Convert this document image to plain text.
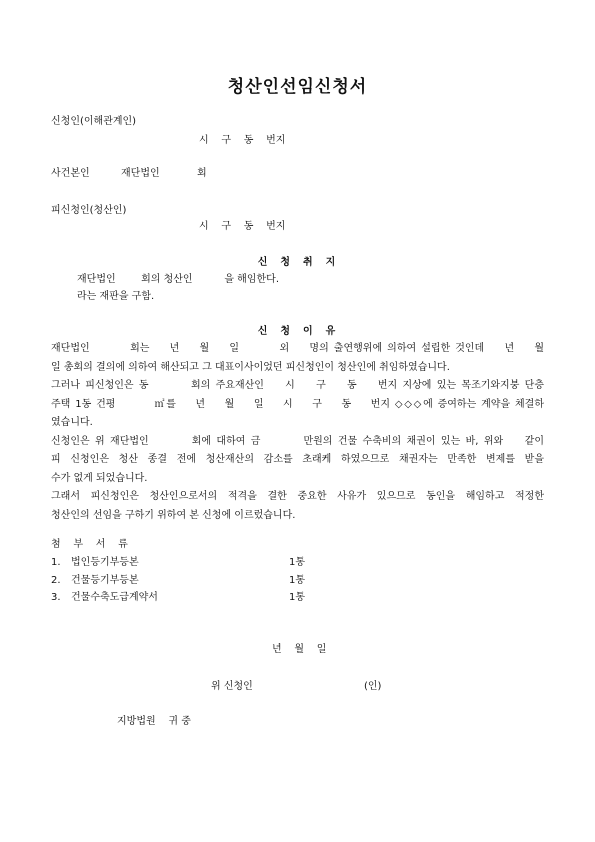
청산인선임신청서
신청인(이해관계인)
시    구    동    번지
사건본인	재단법인	회
피신청인(청산인)
시    구    동    번지
신  청  취  지
재단법인        회의 청산인          을 해임한다.
라는 재판을 구함.
신  청  이  유
재단법인        회는    년    월    일        외    명의 출연행위에 의하여 설립한 것인데    년    월
일 총회의 결의에 의하여 해산되고 그 대표이사이었던 피신청인이 청산인에 취임하였습니다.
그러나 피신청인은 동        회의 주요재산인    시    구    동    번지 지상에 있는 목조기와지붕 단층
주택 1동 건평        ㎡를    년    월    일    시    구    동    번지 ◇◇◇에 증여하는 계약을 체결하
였습니다.
신청인은 위 재단법인        회에 대하여 금        만원의 건물 수축비의 채권이 있는 바, 위와    같이
피 신청인은 청산 종결 전에 청산재산의 감소를 초래케 하였으므로 채권자는 만족한 변제를 받을
수가 없게 되었습니다.
그래서 피신청인은 청산인으로서의 적격을 결한 중요한 사유가 있으므로 동인을 해임하고 적정한
청산인의 선임을 구하기 위하여 본 신청에 이르렀습니다.
첨    부    서    류
1. 법인등기부등본	1통
2. 건물등기부등본	1통
3. 건물수축도급계약서	1통
년    월    일
위 신청인	(인)
지방법원    귀 중
